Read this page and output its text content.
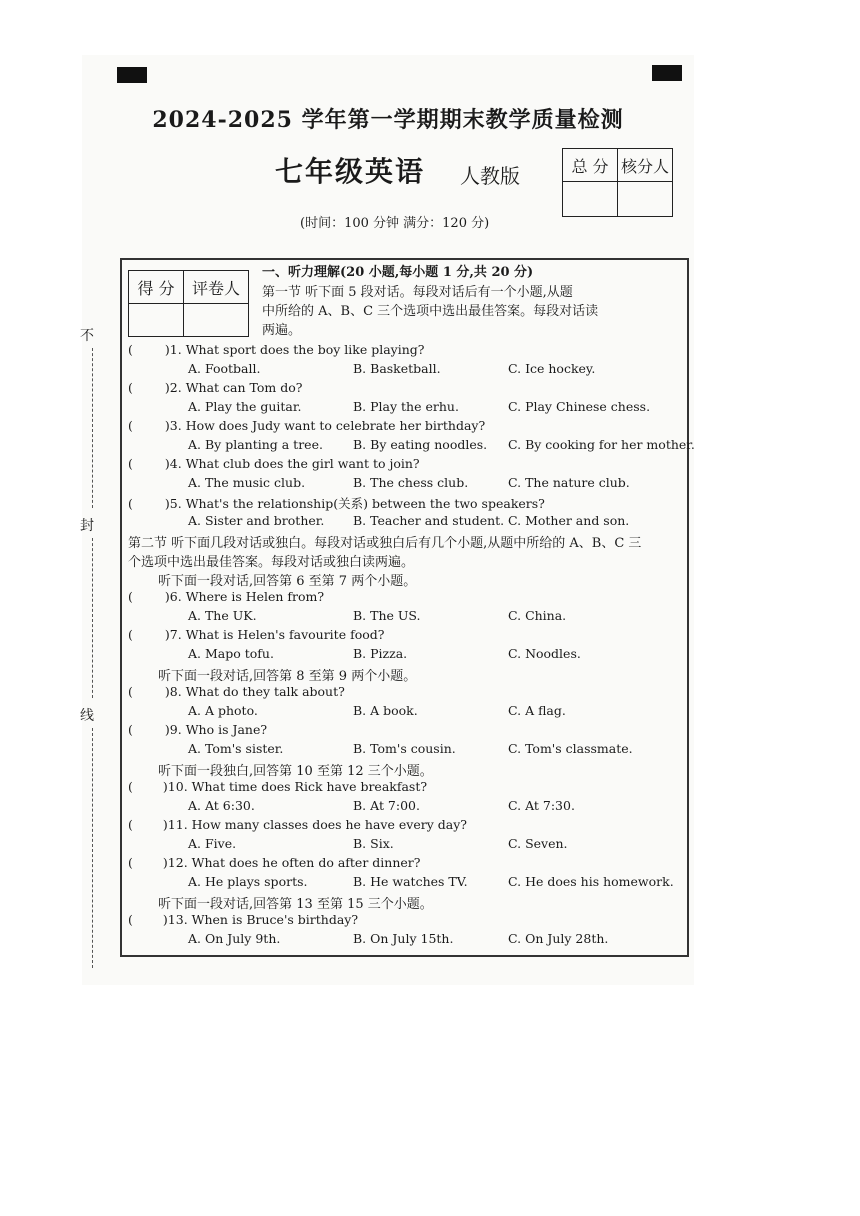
2024-2025 学年第一学期期末教学质量检测
七年级英语 人教版
(时间：100 分钟 满分：120 分)
总 分	核分人

不
封
线
得 分	评卷人

一、听力理解(20 小题,每小题 1 分,共 20 分)
第一节 听下面 5 段对话。每段对话后有一个小题,从题
中所给的 A、B、C 三个选项中选出最佳答案。每段对话读
两遍。
(	)1. What sport does the boy like playing?
A. Football.	B. Basketball.	C. Ice hockey.
(	)2. What can Tom do?
A. Play the guitar.	B. Play the erhu.	C. Play Chinese chess.
(	)3. How does Judy want to celebrate her birthday?
A. By planting a tree. B. By eating noodles. C. By cooking for her mother.
(	)4. What club does the girl want to join?
A. The music club.	B. The chess club.	C. The nature club.
(	)5. What's the relationship(关系) between the two speakers?
A. Sister and brother. B. Teacher and student. C. Mother and son.
第二节 听下面几段对话或独白。每段对话或独白后有几个小题,从题中所给的 A、B、C 三
个选项中选出最佳答案。每段对话或独白读两遍。
听下面一段对话,回答第 6 至第 7 两个小题。
(	)6. Where is Helen from?
A. The UK.	B. The US.	C. China.
(	)7. What is Helen's favourite food?
A. Mapo tofu.	B. Pizza.	C. Noodles.
听下面一段对话,回答第 8 至第 9 两个小题。
(	)8. What do they talk about?
A. A photo.	B. A book.	C. A flag.
(	)9. Who is Jane?
A. Tom's sister.	B. Tom's cousin.	C. Tom's classmate.
听下面一段独白,回答第 10 至第 12 三个小题。
( )10. What time does Rick have breakfast?
A. At 6:30.	B. At 7:00.	C. At 7:30.
( )11. How many classes does he have every day?
A. Five.	B. Six.	C. Seven.
( )12. What does he often do after dinner?
A. He plays sports.	B. He watches TV.	C. He does his homework.
听下面一段对话,回答第 13 至第 15 三个小题。
( )13. When is Bruce's birthday?
A. On July 9th.	B. On July 15th.	C. On July 28th.
